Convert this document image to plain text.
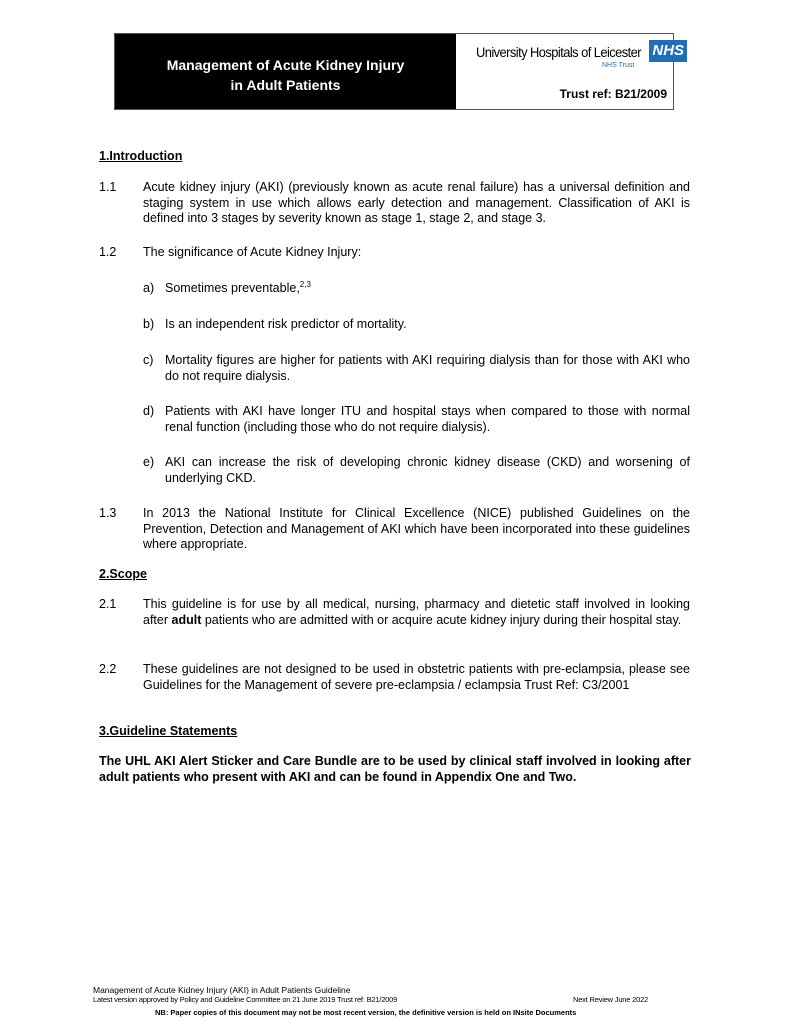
Management of Acute Kidney Injury
in Adult Patients
University Hospitals of Leicester NHS
NHS Trust
Trust ref: B21/2009
1.Introduction
1.1	Acute kidney injury (AKI) (previously known as acute renal failure) has a universal definition and staging system in use which allows early detection and management. Classification of AKI is defined into 3 stages by severity known as stage 1, stage 2, and stage 3.
1.2	The significance of Acute Kidney Injury:
a) Sometimes preventable,$^{2,3}$
b) Is an independent risk predictor of mortality.
c) Mortality figures are higher for patients with AKI requiring dialysis than for those with AKI who do not require dialysis.
d) Patients with AKI have longer ITU and hospital stays when compared to those with normal renal function (including those who do not require dialysis).
e) AKI can increase the risk of developing chronic kidney disease (CKD) and worsening of underlying CKD.
1.3	In 2013 the National Institute for Clinical Excellence (NICE) published Guidelines on the Prevention, Detection and Management of AKI which have been incorporated into these guidelines where appropriate.
2.Scope
2.1	This guideline is for use by all medical, nursing, pharmacy and dietetic staff involved in looking after adult patients who are admitted with or acquire acute kidney injury during their hospital stay.
2.2	These guidelines are not designed to be used in obstetric patients with pre-eclampsia, please see Guidelines for the Management of severe pre-eclampsia / eclampsia Trust Ref: C3/2001
3.Guideline Statements
The UHL AKI Alert Sticker and Care Bundle are to be used by clinical staff involved in looking after adult patients who present with AKI and can be found in Appendix One and Two.
Management of Acute Kidney Injury (AKI) in Adult Patients Guideline
Latest version approved by Policy and Guideline Committee on 21 June 2019 Trust ref: B21/2009	Next Review June 2022
NB: Paper copies of this document may not be most recent version, the definitive version is held on INsite Documents
